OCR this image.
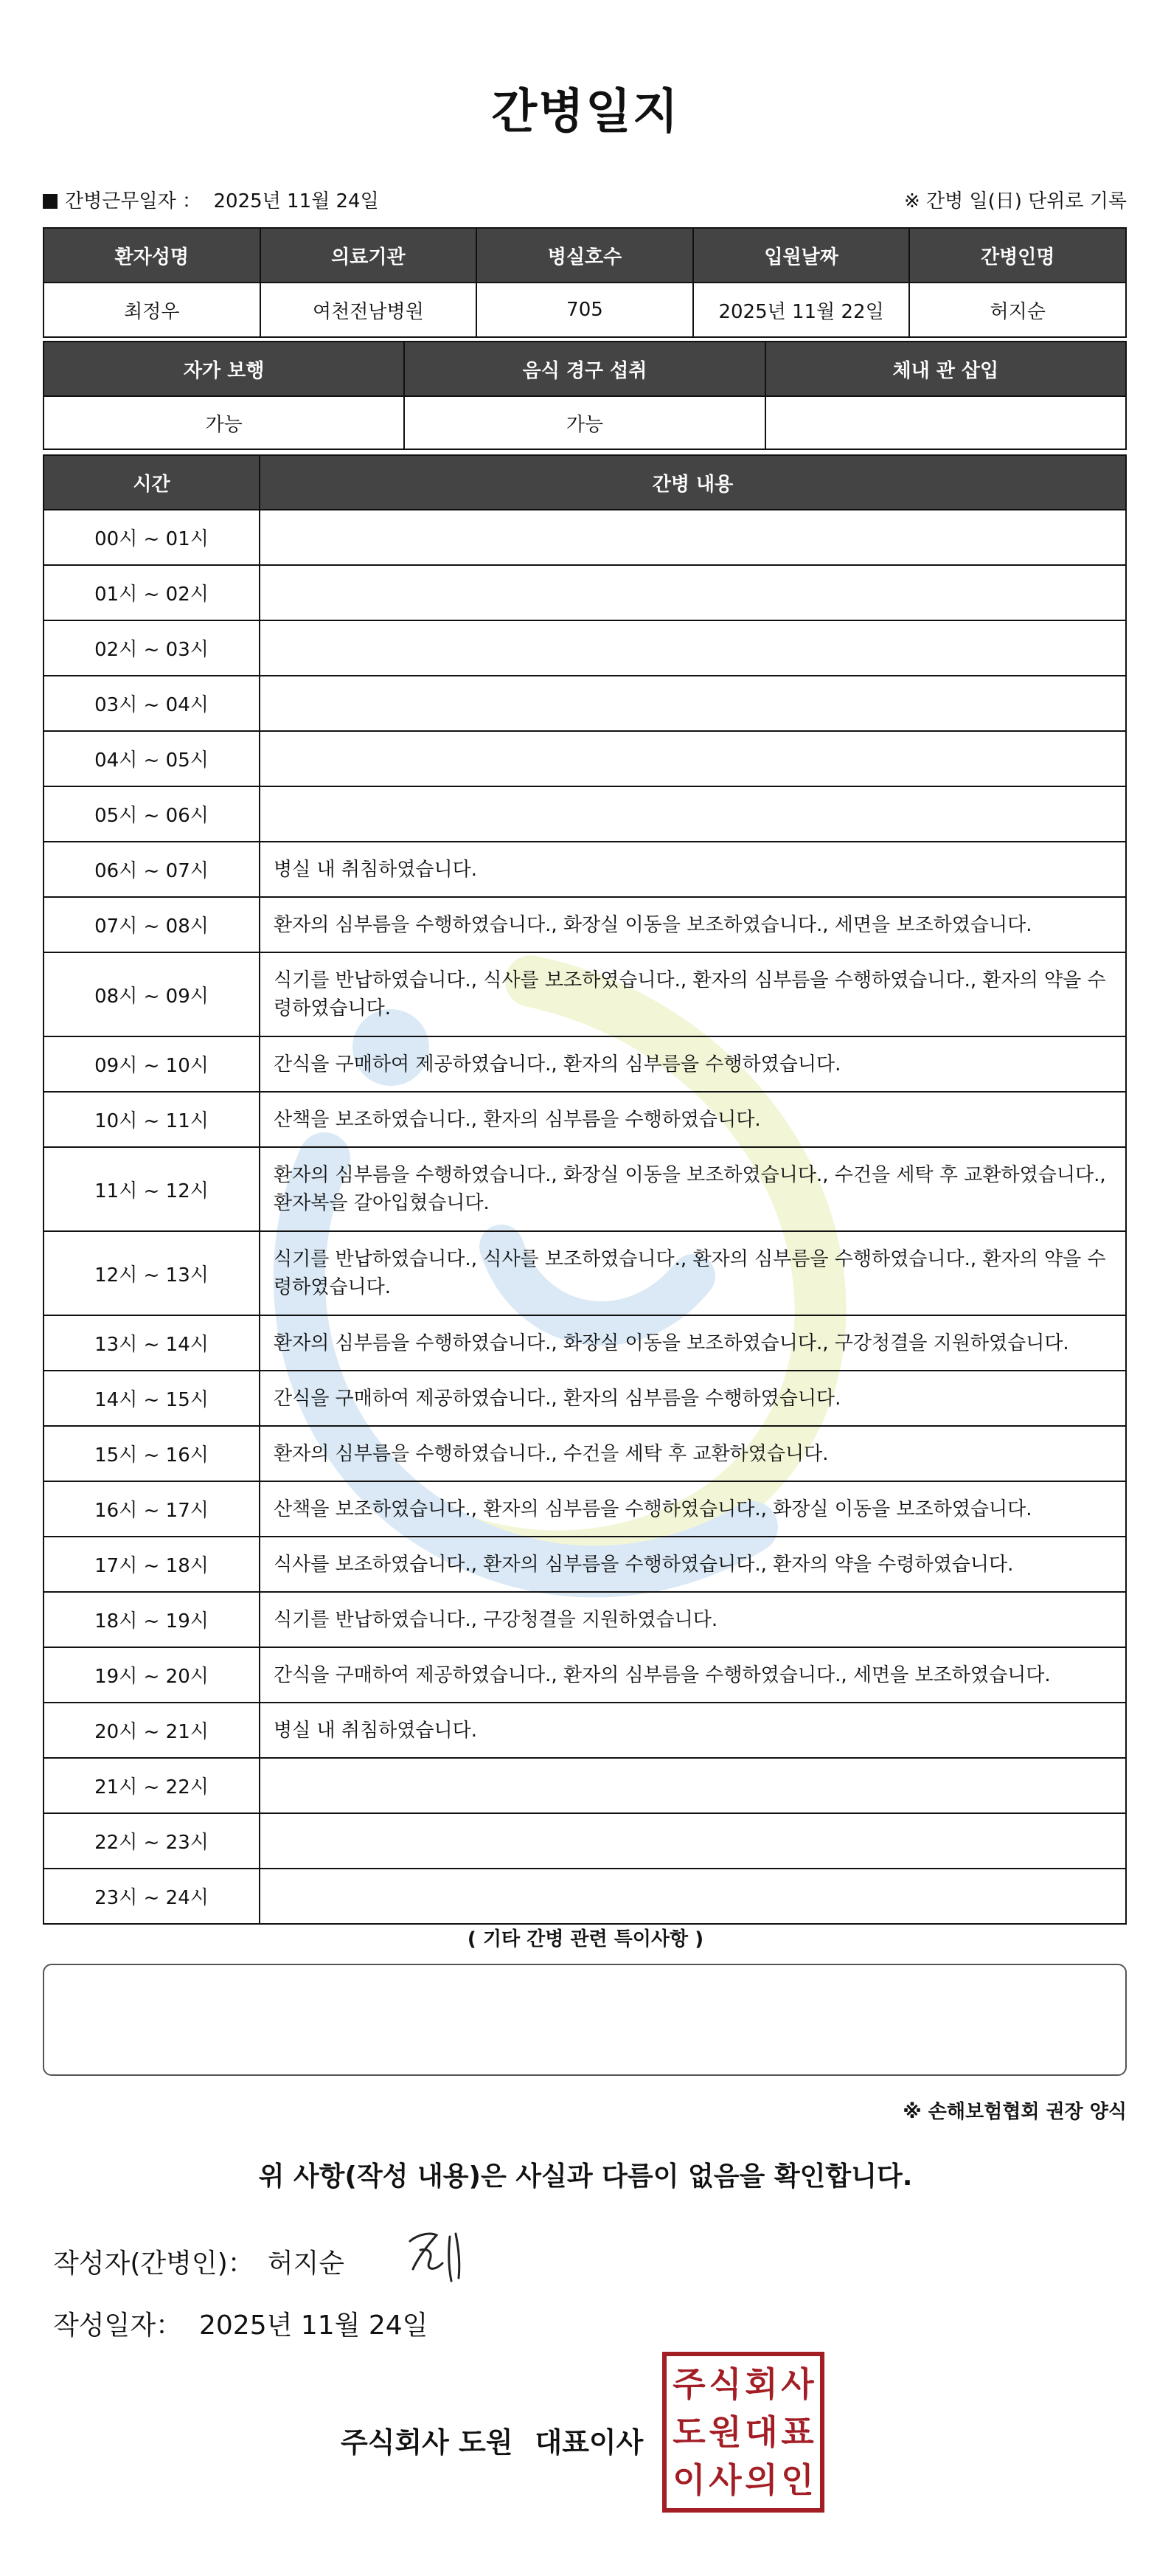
간병일지
간병근무일자 ： 2025년 11월 24일	※ 간병 일(日) 단위로 기록
환자성명	의료기관	병실호수	입원날짜	간병인명
최정우	여천전남병원	705	2025년 11월 22일	허지순
자가 보행	음식 경구 섭취	체내 관 삽입
가능	가능	
시간	간병 내용
00시 ~ 01시	
01시 ~ 02시	
02시 ~ 03시	
03시 ~ 04시	
04시 ~ 05시	
05시 ~ 06시	
06시 ~ 07시	병실 내 취침하였습니다.
07시 ~ 08시	환자의 심부름을 수행하였습니다., 화장실 이동을 보조하였습니다., 세면을 보조하였습니다.
08시 ~ 09시	식기를 반납하였습니다., 식사를 보조하였습니다., 환자의 심부름을 수행하였습니다., 환자의 약을 수령하였습니다.
09시 ~ 10시	간식을 구매하여 제공하였습니다., 환자의 심부름을 수행하였습니다.
10시 ~ 11시	산책을 보조하였습니다., 환자의 심부름을 수행하였습니다.
11시 ~ 12시	환자의 심부름을 수행하였습니다., 화장실 이동을 보조하였습니다., 수건을 세탁 후 교환하였습니다., 환자복을 갈아입혔습니다.
12시 ~ 13시	식기를 반납하였습니다., 식사를 보조하였습니다., 환자의 심부름을 수행하였습니다., 환자의 약을 수령하였습니다.
13시 ~ 14시	환자의 심부름을 수행하였습니다., 화장실 이동을 보조하였습니다., 구강청결을 지원하였습니다.
14시 ~ 15시	간식을 구매하여 제공하였습니다., 환자의 심부름을 수행하였습니다.
15시 ~ 16시	환자의 심부름을 수행하였습니다., 수건을 세탁 후 교환하였습니다.
16시 ~ 17시	산책을 보조하였습니다., 환자의 심부름을 수행하였습니다., 화장실 이동을 보조하였습니다.
17시 ~ 18시	식사를 보조하였습니다., 환자의 심부름을 수행하였습니다., 환자의 약을 수령하였습니다.
18시 ~ 19시	식기를 반납하였습니다., 구강청결을 지원하였습니다.
19시 ~ 20시	간식을 구매하여 제공하였습니다., 환자의 심부름을 수행하였습니다., 세면을 보조하였습니다.
20시 ~ 21시	병실 내 취침하였습니다.
21시 ~ 22시	
22시 ~ 23시	
23시 ~ 24시	
( 기타 간병 관련 특이사항 )
※ 손해보험협회 권장 양식
위 사항(작성 내용)은 사실과 다름이 없음을 확인합니다.
작성자(간병인)： 허지순
작성일자： 2025년 11월 24일
주식회사 도원 대표이사
주 식 회 사
도 원 대 표
이 사 의 인
